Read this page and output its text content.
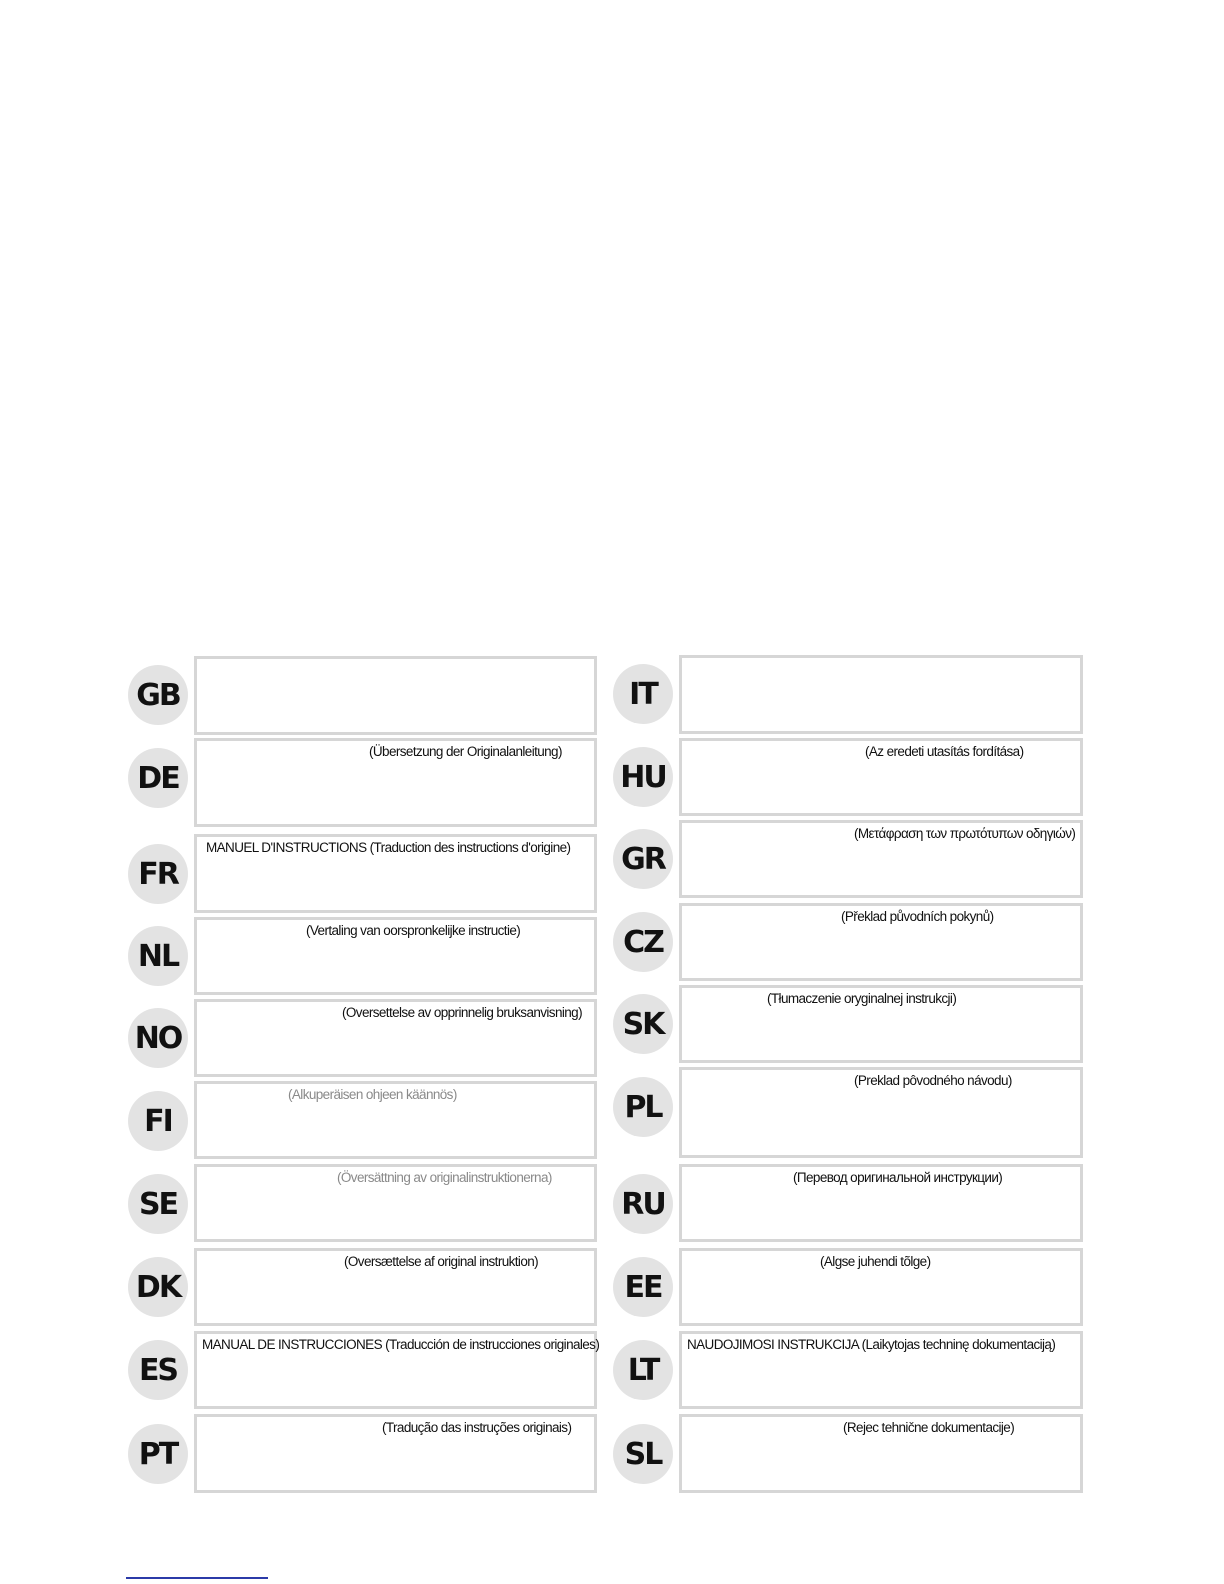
GB
DE
(Übersetzung der Originalanleitung)
FR
MANUEL D'INSTRUCTIONS (Traduction des instructions d'origine)
NL
(Vertaling van oorspronkelijke instructie)
NO
(Oversettelse av opprinnelig bruksanvisning)
FI
(Alkuperäisen ohjeen käännös)
SE
(Översättning av originalinstruktionerna)
DK
(Oversættelse af original instruktion)
ES
MANUAL DE INSTRUCCIONES (Traducción de instrucciones originales)
PT
(Tradução das instruções originais)
IT
HU
(Az eredeti utasítás fordítása)
GR
(Μετάφραση των πρωτότυπων οδηγιών)
CZ
(Překlad původních pokynů)
SK
(Tłumaczenie oryginalnej instrukcji)
PL
(Preklad pôvodného návodu)
RU
(Перевод оригинальной инструкции)
EE
(Algse juhendi tõlge)
LT
NAUDOJIMOSI INSTRUKCIJA (Laikytojas techninę dokumentaciją)
SL
(Rejec tehnične dokumentacije)
